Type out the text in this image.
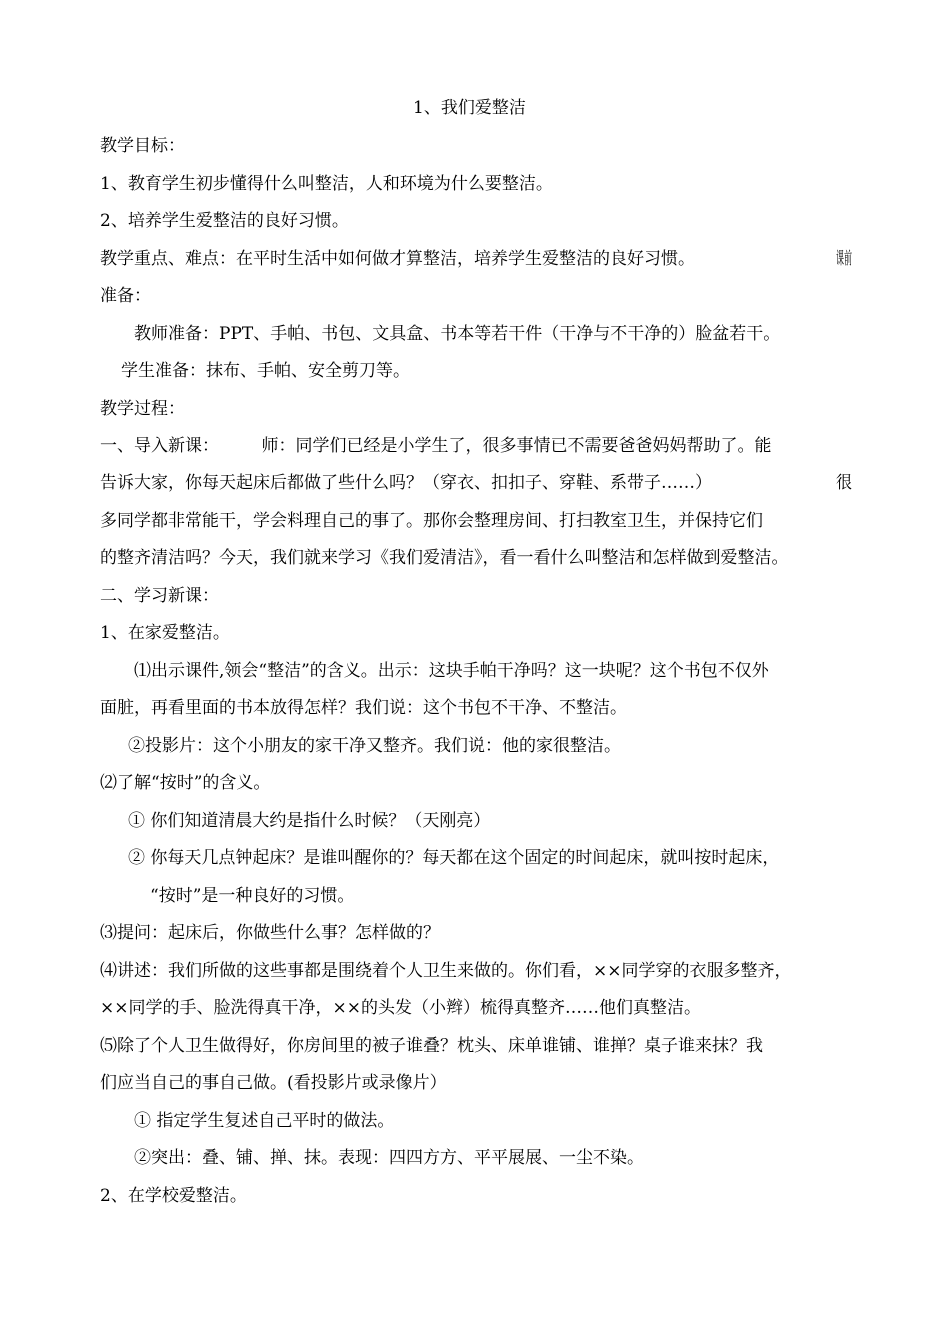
1、我们爱整洁
教学目标：
1、教育学生初步懂得什么叫整洁，人和环境为什么要整洁。
2、培养学生爱整洁的良好习惯。
教学重点、难点：在平时生活中如何做才算整洁，培养学生爱整洁的良好习惯。	课前
准备：
教师准备：PPT、手帕、书包、文具盒、书本等若干件（干净与不干净的）脸盆若干。
学生准备：抹布、手帕、安全剪刀等。
教学过程：
一、导入新课：　　　师：同学们已经是小学生了，很多事情已不需要爸爸妈妈帮助了。能
告诉大家，你每天起床后都做了些什么吗？（穿衣、扣扣子、穿鞋、系带子……）	很
多同学都非常能干，学会料理自己的事了。那你会整理房间、打扫教室卫生，并保持它们
的整齐清洁吗？今天，我们就来学习《我们爱清洁》，看一看什么叫整洁和怎样做到爱整洁。
二、学习新课：
1、在家爱整洁。
⑴出示课件,领会“整洁”的含义。出示：这块手帕干净吗？这一块呢？这个书包不仅外
面脏，再看里面的书本放得怎样？我们说：这个书包不干净、不整洁。
②投影片：这个小朋友的家干净又整齐。我们说：他的家很整洁。
⑵了解“按时”的含义。
① 你们知道清晨大约是指什么时候？（天刚亮）
② 你每天几点钟起床？是谁叫醒你的？每天都在这个固定的时间起床，就叫按时起床，
“按时”是一种良好的习惯。
⑶提问：起床后，你做些什么事？怎样做的？
⑷讲述：我们所做的这些事都是围绕着个人卫生来做的。你们看，××同学穿的衣服多整齐，
××同学的手、脸洗得真干净，××的头发（小辫）梳得真整齐……他们真整洁。
⑸除了个人卫生做得好，你房间里的被子谁叠？枕头、床单谁铺、谁掸？桌子谁来抹？我
们应当自己的事自己做。(看投影片或录像片）
① 指定学生复述自己平时的做法。
②突出：叠、铺、掸、抹。表现：四四方方、平平展展、一尘不染。
2、在学校爱整洁。
